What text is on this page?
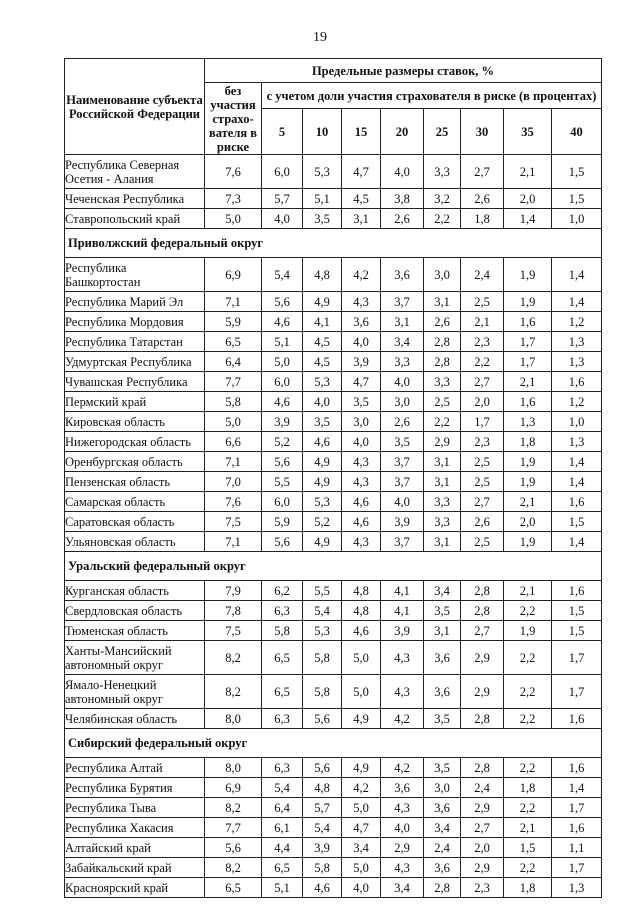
19
Наименование субъекта Российской Федерации	Предельные размеры ставок, %								
	без участия страхо-вателя в риске	с учетом доли участия страхователя в риске (в процентах)							
		5	10	15	20	25	30	35	40
Республика Северная Осетия - Алания	7,6	6,0	5,3	4,7	4,0	3,3	2,7	2,1	1,5
Чеченская Республика	7,3	5,7	5,1	4,5	3,8	3,2	2,6	2,0	1,5
Ставропольский край	5,0	4,0	3,5	3,1	2,6	2,2	1,8	1,4	1,0
Приволжский федеральный округ									
Республика Башкортостан	6,9	5,4	4,8	4,2	3,6	3,0	2,4	1,9	1,4
Республика Марий Эл	7,1	5,6	4,9	4,3	3,7	3,1	2,5	1,9	1,4
Республика Мордовия	5,9	4,6	4,1	3,6	3,1	2,6	2,1	1,6	1,2
Республика Татарстан	6,5	5,1	4,5	4,0	3,4	2,8	2,3	1,7	1,3
Удмуртская Республика	6,4	5,0	4,5	3,9	3,3	2,8	2,2	1,7	1,3
Чувашская Республика	7,7	6,0	5,3	4,7	4,0	3,3	2,7	2,1	1,6
Пермский край	5,8	4,6	4,0	3,5	3,0	2,5	2,0	1,6	1,2
Кировская область	5,0	3,9	3,5	3,0	2,6	2,2	1,7	1,3	1,0
Нижегородская область	6,6	5,2	4,6	4,0	3,5	2,9	2,3	1,8	1,3
Оренбургская область	7,1	5,6	4,9	4,3	3,7	3,1	2,5	1,9	1,4
Пензенская область	7,0	5,5	4,9	4,3	3,7	3,1	2,5	1,9	1,4
Самарская область	7,6	6,0	5,3	4,6	4,0	3,3	2,7	2,1	1,6
Саратовская область	7,5	5,9	5,2	4,6	3,9	3,3	2,6	2,0	1,5
Ульяновская область	7,1	5,6	4,9	4,3	3,7	3,1	2,5	1,9	1,4
Уральский федеральный округ									
Курганская область	7,9	6,2	5,5	4,8	4,1	3,4	2,8	2,1	1,6
Свердловская область	7,8	6,3	5,4	4,8	4,1	3,5	2,8	2,2	1,5
Тюменская область	7,5	5,8	5,3	4,6	3,9	3,1	2,7	1,9	1,5
Ханты-Мансийский автономный округ	8,2	6,5	5,8	5,0	4,3	3,6	2,9	2,2	1,7
Ямало-Ненецкий автономный округ	8,2	6,5	5,8	5,0	4,3	3,6	2,9	2,2	1,7
Челябинская область	8,0	6,3	5,6	4,9	4,2	3,5	2,8	2,2	1,6
Сибирский федеральный округ									
Республика Алтай	8,0	6,3	5,6	4,9	4,2	3,5	2,8	2,2	1,6
Республика Бурятия	6,9	5,4	4,8	4,2	3,6	3,0	2,4	1,8	1,4
Республика Тыва	8,2	6,4	5,7	5,0	4,3	3,6	2,9	2,2	1,7
Республика Хакасия	7,7	6,1	5,4	4,7	4,0	3,4	2,7	2,1	1,6
Алтайский край	5,6	4,4	3,9	3,4	2,9	2,4	2,0	1,5	1,1
Забайкальский край	8,2	6,5	5,8	5,0	4,3	3,6	2,9	2,2	1,7
Красноярский край	6,5	5,1	4,6	4,0	3,4	2,8	2,3	1,8	1,3
